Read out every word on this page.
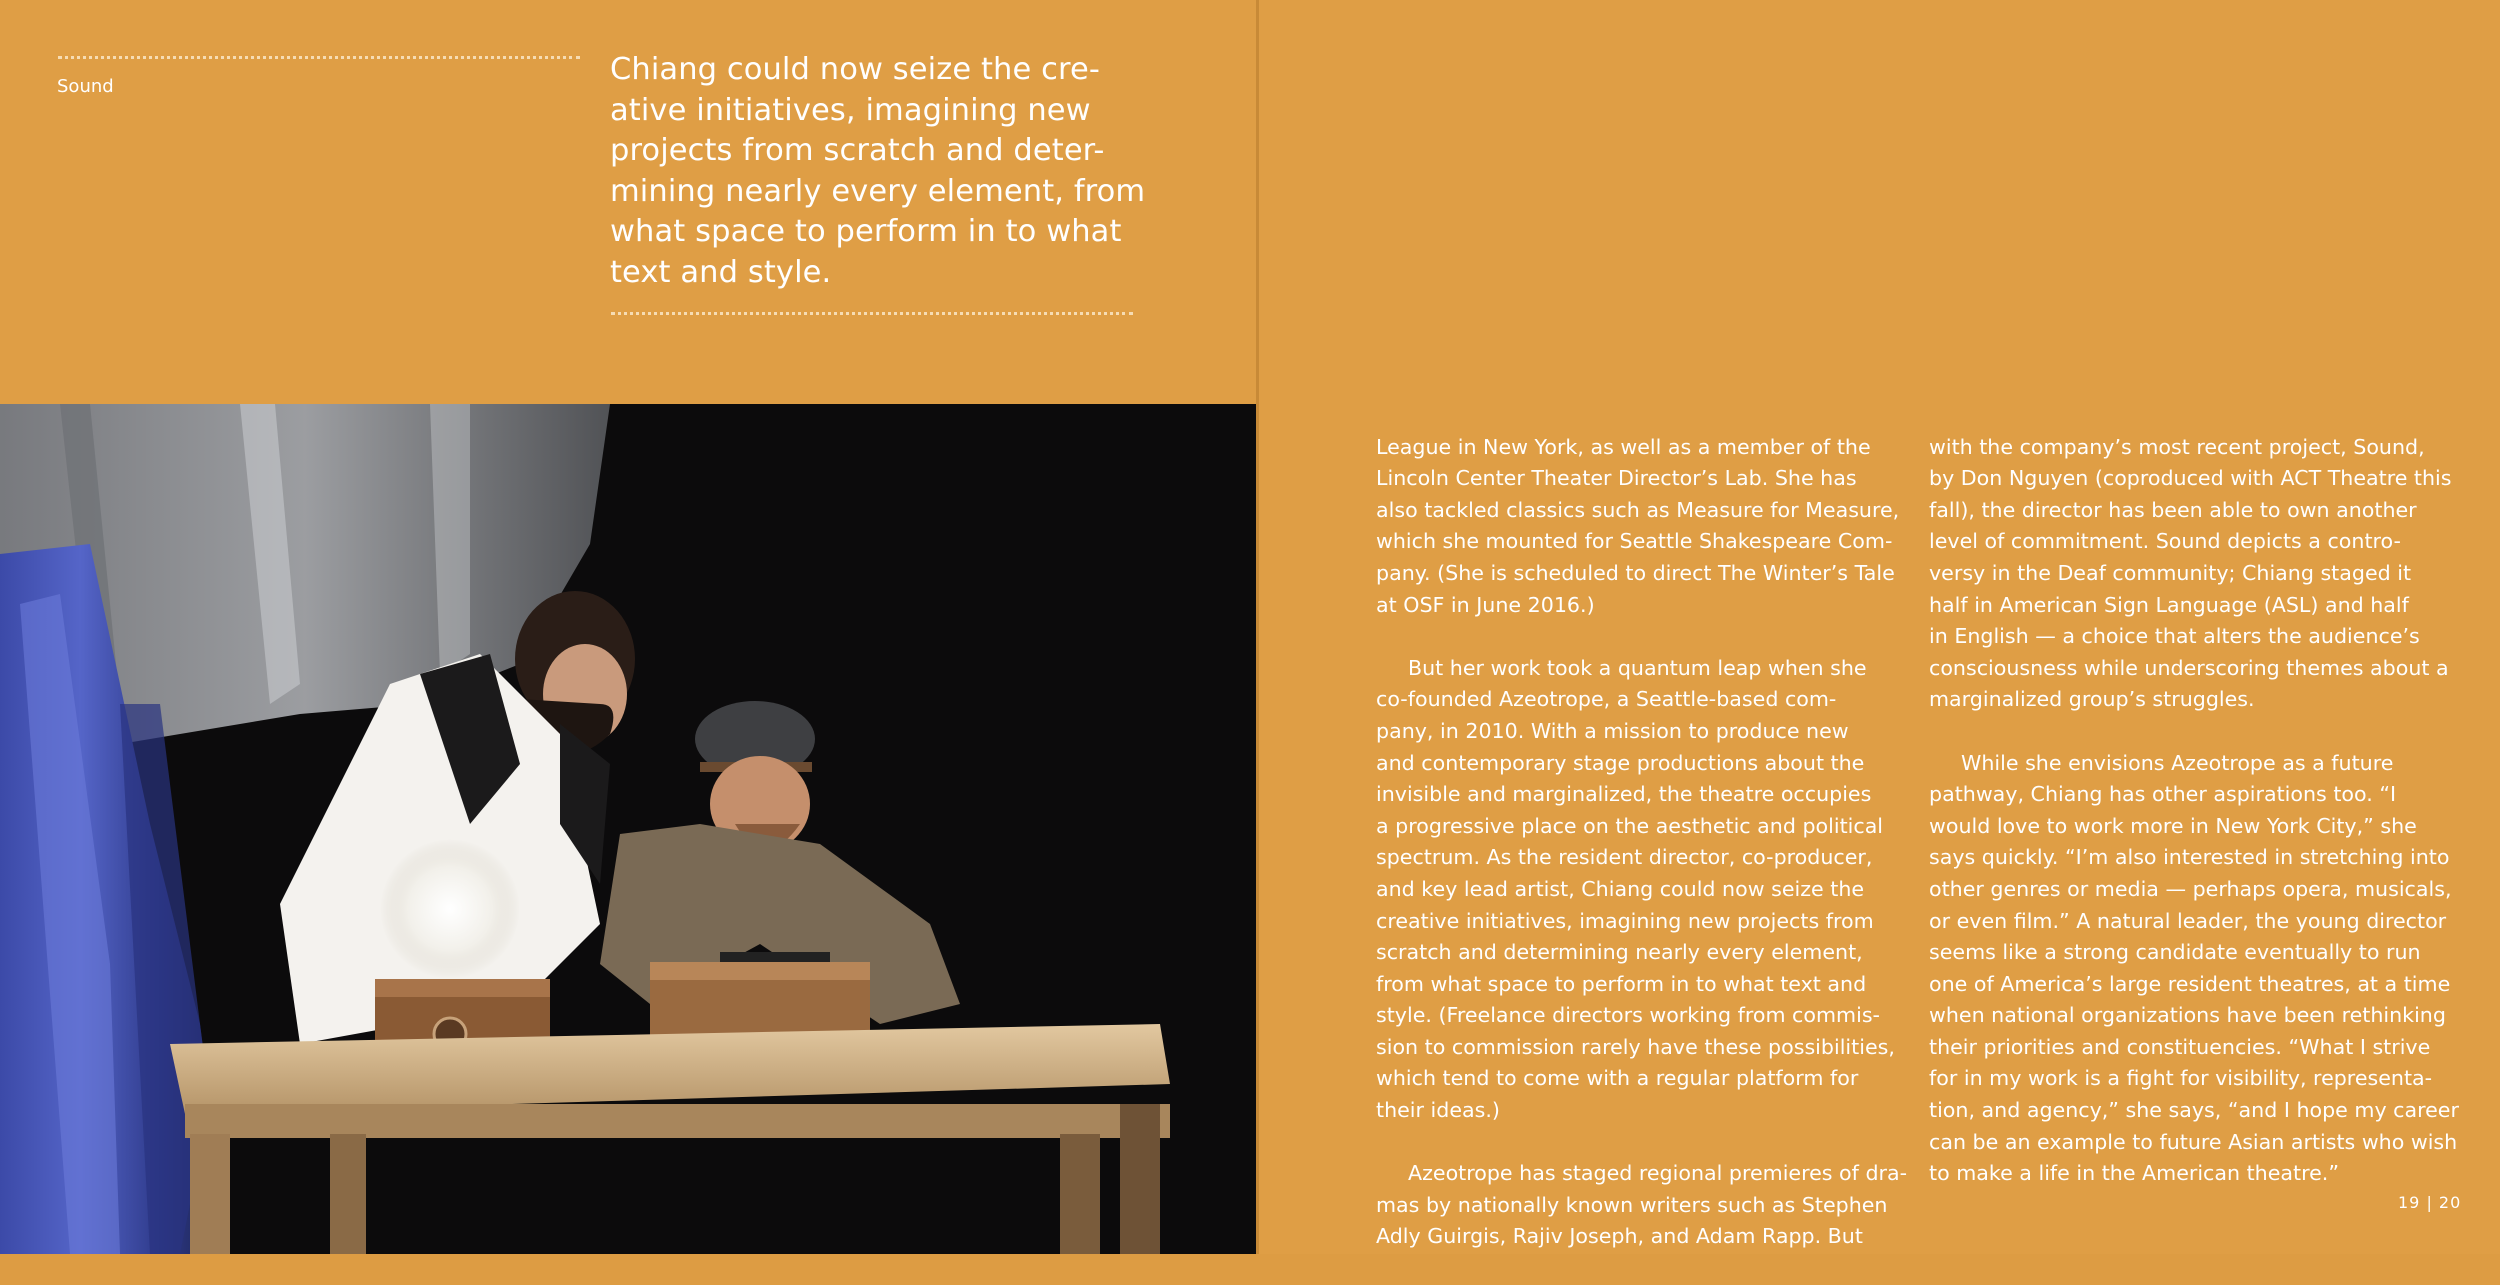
Sound	Chiang could now seize the cre-
ative initiatives, imagining new
projects from scratch and deter-
mining nearly every element, from
what space to perform in to what
text and style.

League in New York, as well as a member of the
Lincoln Center Theater Director’s Lab. She has
also tackled classics such as Measure for Measure,
which she mounted for Seattle Shakespeare Com-
pany. (She is scheduled to direct The Winter’s Tale
at OSF in June 2016.)

But her work took a quantum leap when she
co-founded Azeotrope, a Seattle-based com-
pany, in 2010. With a mission to produce new
and contemporary stage productions about the
invisible and marginalized, the theatre occupies
a progressive place on the aesthetic and political
spectrum. As the resident director, co-producer,
and key lead artist, Chiang could now seize the
creative initiatives, imagining new projects from
scratch and determining nearly every element,
from what space to perform in to what text and
style. (Freelance directors working from commis-
sion to commission rarely have these possibilities,
which tend to come with a regular platform for
their ideas.)

Azeotrope has staged regional premieres of dra-
mas by nationally known writers such as Stephen
Adly Guirgis, Rajiv Joseph, and Adam Rapp. But

with the company’s most recent project, Sound,
by Don Nguyen (coproduced with ACT Theatre this
fall), the director has been able to own another
level of commitment. Sound depicts a contro-
versy in the Deaf community; Chiang staged it
half in American Sign Language (ASL) and half
in English — a choice that alters the audience’s
consciousness while underscoring themes about a
marginalized group’s struggles.

While she envisions Azeotrope as a future
pathway, Chiang has other aspirations too. “I
would love to work more in New York City,” she
says quickly. “I’m also interested in stretching into
other genres or media — perhaps opera, musicals,
or even film.” A natural leader, the young director
seems like a strong candidate eventually to run
one of America’s large resident theatres, at a time
when national organizations have been rethinking
their priorities and constituencies. “What I strive
for in my work is a fight for visibility, representa-
tion, and agency,” she says, “and I hope my career
can be an example to future Asian artists who wish
to make a life in the American theatre.”

19 | 20
